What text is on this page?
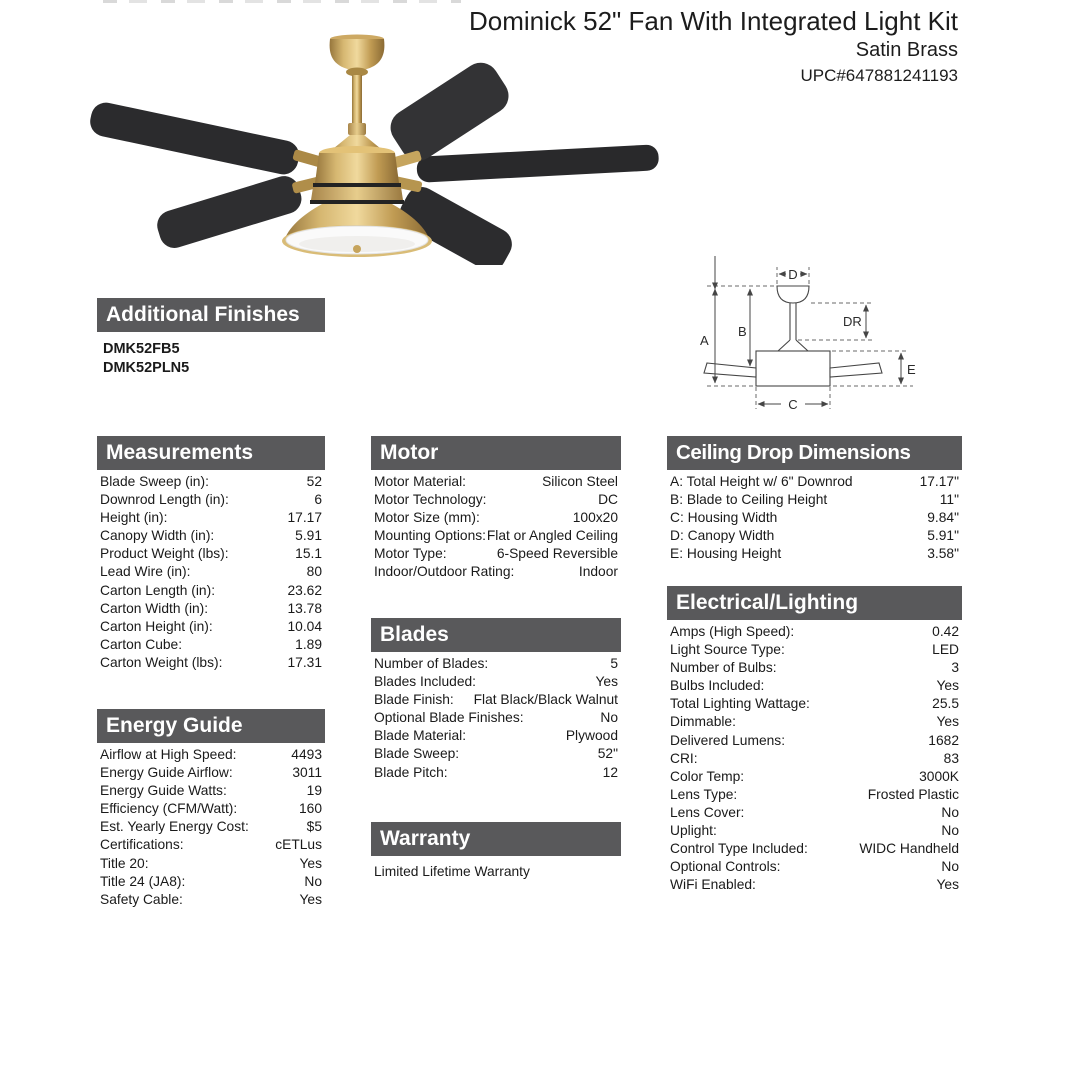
Dominick 52" Fan With Integrated Light Kit
Satin Brass
UPC#647881241193
Additional Finishes
DMK52FB5
DMK52PLN5
A
B
C
D
E
DR
Measurements
Blade Sweep (in):	52
Downrod Length (in):	6
Height (in):	17.17
Canopy Width (in):	5.91
Product Weight (lbs):	15.1
Lead Wire (in):	80
Carton Length (in):	23.62
Carton Width (in):	13.78
Carton Height (in):	10.04
Carton Cube:	1.89
Carton Weight (lbs):	17.31
Energy Guide
Airflow at High Speed:	4493
Energy Guide Airflow:	3011
Energy Guide Watts:	19
Efficiency (CFM/Watt):	160
Est. Yearly Energy Cost:	$5
Certifications:	cETLus
Title 20:	Yes
Title 24 (JA8):	No
Safety Cable:	Yes
Motor
Motor Material:	Silicon Steel
Motor Technology:	DC
Motor Size (mm):	100x20
Mounting Options: Flat or Angled Ceiling
Motor Type:	6-Speed Reversible
Indoor/Outdoor Rating:	Indoor
Blades
Number of Blades:	5
Blades Included:	Yes
Blade Finish: Flat Black/Black Walnut
Optional Blade Finishes:	No
Blade Material:	Plywood
Blade Sweep:	52"
Blade Pitch:	12
Warranty
Limited Lifetime Warranty
Ceiling Drop Dimensions
A: Total Height w/ 6" Downrod	17.17"
B: Blade to Ceiling Height	11"
C: Housing Width	9.84"
D: Canopy Width	5.91"
E: Housing Height	3.58"
Electrical/Lighting
Amps (High Speed):	0.42
Light Source Type:	LED
Number of Bulbs:	3
Bulbs Included:	Yes
Total Lighting Wattage:	25.5
Dimmable:	Yes
Delivered Lumens:	1682
CRI:	83
Color Temp:	3000K
Lens Type:	Frosted Plastic
Lens Cover:	No
Uplight:	No
Control Type Included:	WIDC Handheld
Optional Controls:	No
WiFi Enabled:	Yes
